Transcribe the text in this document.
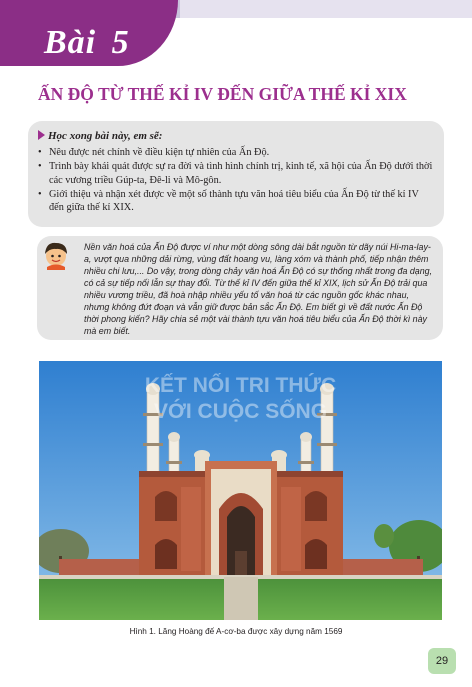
Bài 5
ẤN ĐỘ TỪ THẾ KỈ IV ĐẾN GIỮA THẾ KỈ XIX
Học xong bài này, em sẽ:
• Nêu được nét chính về điều kiện tự nhiên của Ấn Độ.
• Trình bày khái quát được sự ra đời và tình hình chính trị, kinh tế, xã hội của Ấn Độ dưới thời các vương triều Gúp-ta, Đê-li và Mô-gôn.
• Giới thiệu và nhận xét được về một số thành tựu văn hoá tiêu biểu của Ấn Độ từ thế kỉ IV đến giữa thế kỉ XIX.

Nền văn hoá của Ấn Độ được ví như một dòng sông dài bắt nguồn từ dãy núi Hi-ma-lay-a, vượt qua những dải rừng, vùng đất hoang vu, làng xóm và thành phố, tiếp nhận thêm nhiều chi lưu,... Do vậy, trong dòng chảy văn hoá Ấn Độ có sự thống nhất trong đa dạng, có cả sự tiếp nối lẫn sự thay đổi. Từ thế kỉ IV đến giữa thế kỉ XIX, lịch sử Ấn Độ trải qua nhiều vương triều, đã hoà nhập nhiều yếu tố văn hoá từ các nguồn gốc khác nhau, nhưng không đứt đoạn và vẫn giữ được bản sắc Ấn Độ. Em biết gì về đất nước Ấn Độ thời phong kiến? Hãy chia sẻ một vài thành tựu văn hoá tiêu biểu của Ấn Độ thời kì này mà em biết.

KẾT NỐI TRI THỨC
VỚI CUỘC SỐNG
Hình 1. Lăng Hoàng đế A-cơ-ba được xây dựng năm 1569
29
